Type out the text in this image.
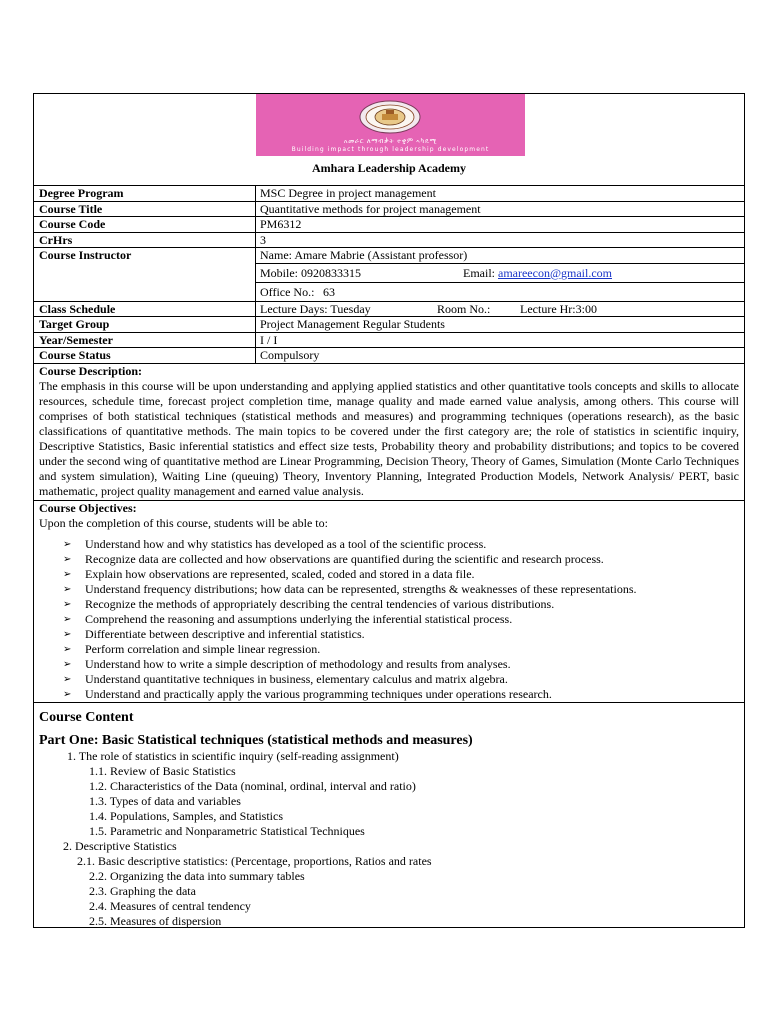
አመራር ለማብቃት ተቋም ኣካዴሚ
Building impact through leadership development
Amhara Leadership Academy
Degree Program	MSC Degree in project management
Course Title	Quantitative methods for project management
Course Code	PM6312
CrHrs	3
Course Instructor	Name: Amare Mabrie (Assistant professor)
Mobile: 0920833315	Email: amareecon@gmail.com
Office No.: 63
Class Schedule	Lecture Days: Tuesday	Room No.: Lecture Hr:3:00
Target Group	Project Management Regular Students
Year/Semester	I / I
Course Status	Compulsory
Course Description:
The emphasis in this course will be upon understanding and applying applied statistics and other quantitative tools concepts and skills to allocate resources, schedule time, forecast project completion time, manage quality and made earned value analysis, among others. This course will comprises of both statistical techniques (statistical methods and measures) and programming techniques (operations research), as the basic classifications of quantitative methods. The main topics to be covered under the first category are; the role of statistics in scientific inquiry, Descriptive Statistics, Basic inferential statistics and effect size tests, Probability theory and probability distributions; and topics to be covered under the second wing of quantitative method are Linear Programming, Decision Theory, Theory of Games, Simulation (Monte Carlo Techniques and system simulation), Waiting Line (queuing) Theory, Inventory Planning, Integrated Production Models, Network Analysis/ PERT, basic mathematic, project quality management and earned value analysis.
Course Objectives:
Upon the completion of this course, students will be able to:
➢ Understand how and why statistics has developed as a tool of the scientific process.
➢ Recognize data are collected and how observations are quantified during the scientific and research process.
➢ Explain how observations are represented, scaled, coded and stored in a data file.
➢ Understand frequency distributions; how data can be represented, strengths & weaknesses of these representations.
➢ Recognize the methods of appropriately describing the central tendencies of various distributions.
➢ Comprehend the reasoning and assumptions underlying the inferential statistical process.
➢ Differentiate between descriptive and inferential statistics.
➢ Perform correlation and simple linear regression.
➢ Understand how to write a simple description of methodology and results from analyses.
➢ Understand quantitative techniques in business, elementary calculus and matrix algebra.
➢ Understand and practically apply the various programming techniques under operations research.
Course Content
Part One: Basic Statistical techniques (statistical methods and measures)
1. The role of statistics in scientific inquiry (self-reading assignment)
1.1. Review of Basic Statistics
1.2. Characteristics of the Data (nominal, ordinal, interval and ratio)
1.3. Types of data and variables
1.4. Populations, Samples, and Statistics
1.5. Parametric and Nonparametric Statistical Techniques
2. Descriptive Statistics
2.1. Basic descriptive statistics: (Percentage, proportions, Ratios and rates
2.2. Organizing the data into summary tables
2.3. Graphing the data
2.4. Measures of central tendency
2.5. Measures of dispersion
